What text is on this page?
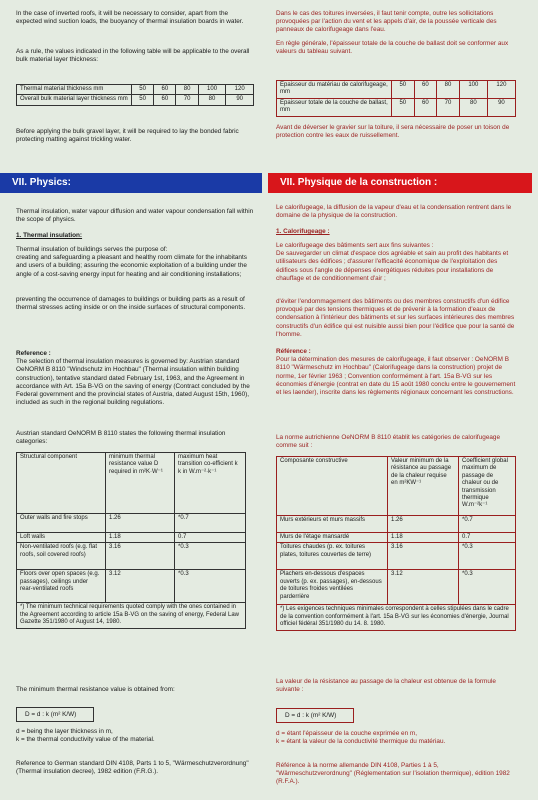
In the case of inverted roofs, it will be necessary to consider, apart from the expected wind suction loads, the buoyancy of thermal insulation boards in water.

As a rule, the values indicated in the following table will be applicable to the overall bulk material layer thickness:

Thermal material thickness mm	50	60	80	100	120
Overall bulk material layer thickness mm	50	60	70	80	90

Before applying the bulk gravel layer, it will be required to lay the bonded fabric protecting matting against trickling water.

VII. Physics:

Thermal insulation, water vapour diffusion and water vapour condensation fall within the scope of physics.

1. Thermal insulation:

Thermal insulation of buildings serves the purpose of:

creating and safeguarding a pleasant and healthy room climate for the inhabitants and users of a building; assuring the economic exploitation of a building under the angle of a cost-saving energy input for heating and air conditioning installations;

preventing the occurrence of damages to buildings or building parts as a result of thermal stresses acting inside or on the inside surfaces of structural components.

Reference :

The selection of thermal insulation measures is governed by: Austrian standard OeNORM B 8110 "Windschutz im Hochbau" (Thermal insulation within building construction), tentative standard dated February 1st, 1963, and the Agreement in accordance with Art. 15a B-VG on the saving of energy (Contract concluded by the Federal government and the provincial states of Austria, dated August 15th, 1960), included as such in the regional building regulations.

Austrian standard OeNORM B 8110 states the following thermal insulation categories:

Structural component	minimum thermal resistance value D required in m²K·W⁻¹	maximum heat transition co-efficient k k in W.m⁻²·k⁻¹
Outer walls and fire stops	1.26	*0.7
Loft walls	1.18	0.7
Non-ventilated roofs (e.g. flat roofs, soil covered roofs)	3.16	*0.3
Floors over open spaces (e.g. passages), ceilings under rear-ventilated roofs	3.12	*0.3
*) The minimum technical requirements quoted comply with the ones contained in the Agreement according to article 15a B-VG on the saving of energy, Federal Law Gazette 351/1980 of August 14, 1980.		

The minimum thermal resistance value is obtained from:

D = d : k (m² K/W)

d = being the layer thickness in m,

k = the thermal conductivity value of the material.

Reference to German standard DIN 4108, Parts 1 to 5, "Wärmeschutzverordnung" (Thermal insulation decree), 1982 edition (F.R.G.).

Dans le cas des toitures inversées, il faut tenir compte, outre les sollicitations provoquées par l'action du vent et les appels d'air, de la poussée verticale des panneaux de calorifugeage dans l'eau.

En règle générale, l'épaisseur totale de la couche de ballast doit se conformer aux valeurs du tableau suivant.

Epaisseur du matériau de calorifugeage, mm	50	60	80	100	120
Epaisseur totale de la couche de ballast, mm	50	60	70	80	90

Avant de déverser le gravier sur la toiture, il sera nécessaire de poser un toison de protection contre les eaux de ruissellement.

VII. Physique de la construction :

Le calorifugeage, la diffusion de la vapeur d'eau et la condensation rentrent dans le domaine de la physique de la construction.

1. Calorifugeage :

Le calorifugeage des bâtiments sert aux fins suivantes :

De sauvegarder un climat d'espace clos agréable et sain au profit des habitants et utilisateurs des édifices ; d'assurer l'efficacité économique de l'exploitation des édifices sous l'angle de dépenses énergétiques réduites pour installations de chauffage et de conditionnement d'air ;

d'éviter l'endommagement des bâtiments ou des membres constructifs d'un édifice provoqué par des tensions thermiques et de prévenir à la formation d'eaux de condensation à l'intérieur des bâtiments et sur les surfaces intérieures des membres constructifs d'un édifice qui est nuisible aussi bien pour l'édifice que pour la santé de l'homme.

Référence :

Pour la détermination des mesures de calorifugeage, il faut observer : OeNORM B 8110 "Wärmeschutz im Hochbau" (Calorifugeage dans la construction) projet de norme, 1er février 1963 ; Convention conformément à l'art. 15a B-VG sur les économies d'énergie (contrat en date du 15 août 1980 conclu entre le gouvernement et les laender), inscrite dans les règlements régionaux concernant les constructions.

La norme autrichienne OeNORM B 8110 établit les catégories de calorifugeage comme suit :

Composante constructive	Valeur minimum de la résistance au passage de la chaleur requise en m²KW⁻¹	Coefficient global maximum de passage de chaleur ou de transmission thermique W.m⁻²k⁻¹
Murs extérieurs et murs massifs	1.26	*0.7
Murs de l'étage mansardé	1.18	0.7
Toitures chaudes (p. ex. toitures plates, toitures couvertes de terre)	3.16	*0.3
Plachers en-dessous d'espaces ouverts (p. ex. passages), en-dessous de toitures froides ventilées parderrière	3.12	*0.3
*) Les exigences techniques minimales correspondent à celles stipulées dans le cadre de la convention conformément à l'art. 15a B-VG sur les économies d'énergie, Journal officiel fédéral 351/1980 du 14. 8. 1980.		

La valeur de la résistance au passage de la chaleur est obtenue de la formule suivante :

D = d : k (m² K/W)

d = étant l'épaisseur de la couche exprimée en m,

k = étant la valeur de la conductivité thermique du matériau.

Référence à la norme allemande DIN 4108, Parties 1 à 5, "Wärmeschutzverordnung" (Réglementation sur l'isolation thermique), édition 1982 (R.F.A.).
